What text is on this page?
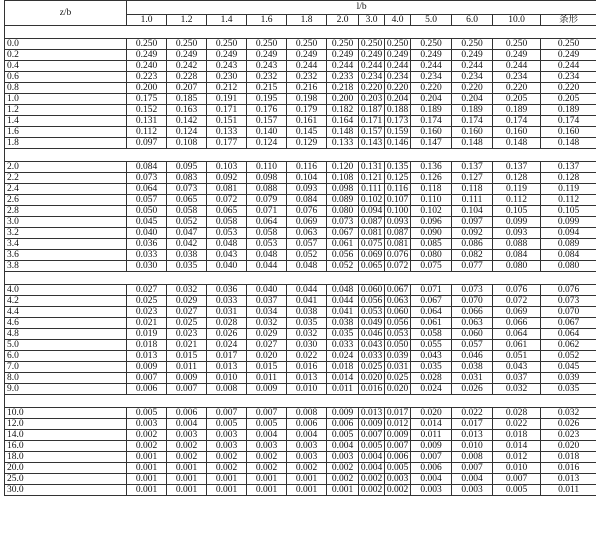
z/b	l/b											
	1.0	1.2	1.4	1.6	1.8	2.0	3.0	4.0	5.0	6.0	10.0	条形

0.0	0.250	0.250	0.250	0.250	0.250	0.250	0.250	0.250	0.250	0.250	0.250	0.250
0.2	0.249	0.249	0.249	0.249	0.249	0.249	0.249	0.249	0.249	0.249	0.249	0.249
0.4	0.240	0.242	0.243	0.243	0.244	0.244	0.244	0.244	0.244	0.244	0.244	0.244
0.6	0.223	0.228	0.230	0.232	0.232	0.233	0.234	0.234	0.234	0.234	0.234	0.234
0.8	0.200	0.207	0.212	0.215	0.216	0.218	0.220	0.220	0.220	0.220	0.220	0.220
1.0	0.175	0.185	0.191	0.195	0.198	0.200	0.203	0.204	0.204	0.204	0.205	0.205
1.2	0.152	0.163	0.171	0.176	0.179	0.182	0.187	0.188	0.189	0.189	0.189	0.189
1.4	0.131	0.142	0.151	0.157	0.161	0.164	0.171	0.173	0.174	0.174	0.174	0.174
1.6	0.112	0.124	0.133	0.140	0.145	0.148	0.157	0.159	0.160	0.160	0.160	0.160
1.8	0.097	0.108	0.177	0.124	0.129	0.133	0.143	0.146	0.147	0.148	0.148	0.148

2.0	0.084	0.095	0.103	0.110	0.116	0.120	0.131	0.135	0.136	0.137	0.137	0.137
2.2	0.073	0.083	0.092	0.098	0.104	0.108	0.121	0.125	0.126	0.127	0.128	0.128
2.4	0.064	0.073	0.081	0.088	0.093	0.098	0.111	0.116	0.118	0.118	0.119	0.119
2.6	0.057	0.065	0.072	0.079	0.084	0.089	0.102	0.107	0.110	0.111	0.112	0.112
2.8	0.050	0.058	0.065	0.071	0.076	0.080	0.094	0.100	0.102	0.104	0.105	0.105
3.0	0.045	0.052	0.058	0.064	0.069	0.073	0.087	0.093	0.096	0.097	0.099	0.099
3.2	0.040	0.047	0.053	0.058	0.063	0.067	0.081	0.087	0.090	0.092	0.093	0.094
3.4	0.036	0.042	0.048	0.053	0.057	0.061	0.075	0.081	0.085	0.086	0.088	0.089
3.6	0.033	0.038	0.043	0.048	0.052	0.056	0.069	0.076	0.080	0.082	0.084	0.084
3.8	0.030	0.035	0.040	0.044	0.048	0.052	0.065	0.072	0.075	0.077	0.080	0.080

4.0	0.027	0.032	0.036	0.040	0.044	0.048	0.060	0.067	0.071	0.073	0.076	0.076
4.2	0.025	0.029	0.033	0.037	0.041	0.044	0.056	0.063	0.067	0.070	0.072	0.073
4.4	0.023	0.027	0.031	0.034	0.038	0.041	0.053	0.060	0.064	0.066	0.069	0.070
4.6	0.021	0.025	0.028	0.032	0.035	0.038	0.049	0.056	0.061	0.063	0.066	0.067
4.8	0.019	0.023	0.026	0.029	0.032	0.035	0.046	0.053	0.058	0.060	0.064	0.064
5.0	0.018	0.021	0.024	0.027	0.030	0.033	0.043	0.050	0.055	0.057	0.061	0.062
6.0	0.013	0.015	0.017	0.020	0.022	0.024	0.033	0.039	0.043	0.046	0.051	0.052
7.0	0.009	0.011	0.013	0.015	0.016	0.018	0.025	0.031	0.035	0.038	0.043	0.045
8.0	0.007	0.009	0.010	0.011	0.013	0.014	0.020	0.025	0.028	0.031	0.037	0.039
9.0	0.006	0.007	0.008	0.009	0.010	0.011	0.016	0.020	0.024	0.026	0.032	0.035

10.0	0.005	0.006	0.007	0.007	0.008	0.009	0.013	0.017	0.020	0.022	0.028	0.032
12.0	0.003	0.004	0.005	0.005	0.006	0.006	0.009	0.012	0.014	0.017	0.022	0.026
14.0	0.002	0.003	0.003	0.004	0.004	0.005	0.007	0.009	0.011	0.013	0.018	0.023
16.0	0.002	0.002	0.003	0.003	0.003	0.004	0.005	0.007	0.009	0.010	0.014	0.020
18.0	0.001	0.002	0.002	0.002	0.003	0.003	0.004	0.006	0.007	0.008	0.012	0.018
20.0	0.001	0.001	0.002	0.002	0.002	0.002	0.004	0.005	0.006	0.007	0.010	0.016
25.0	0.001	0.001	0.001	0.001	0.001	0.002	0.002	0.003	0.004	0.004	0.007	0.013
30.0	0.001	0.001	0.001	0.001	0.001	0.001	0.002	0.002	0.003	0.003	0.005	0.011
